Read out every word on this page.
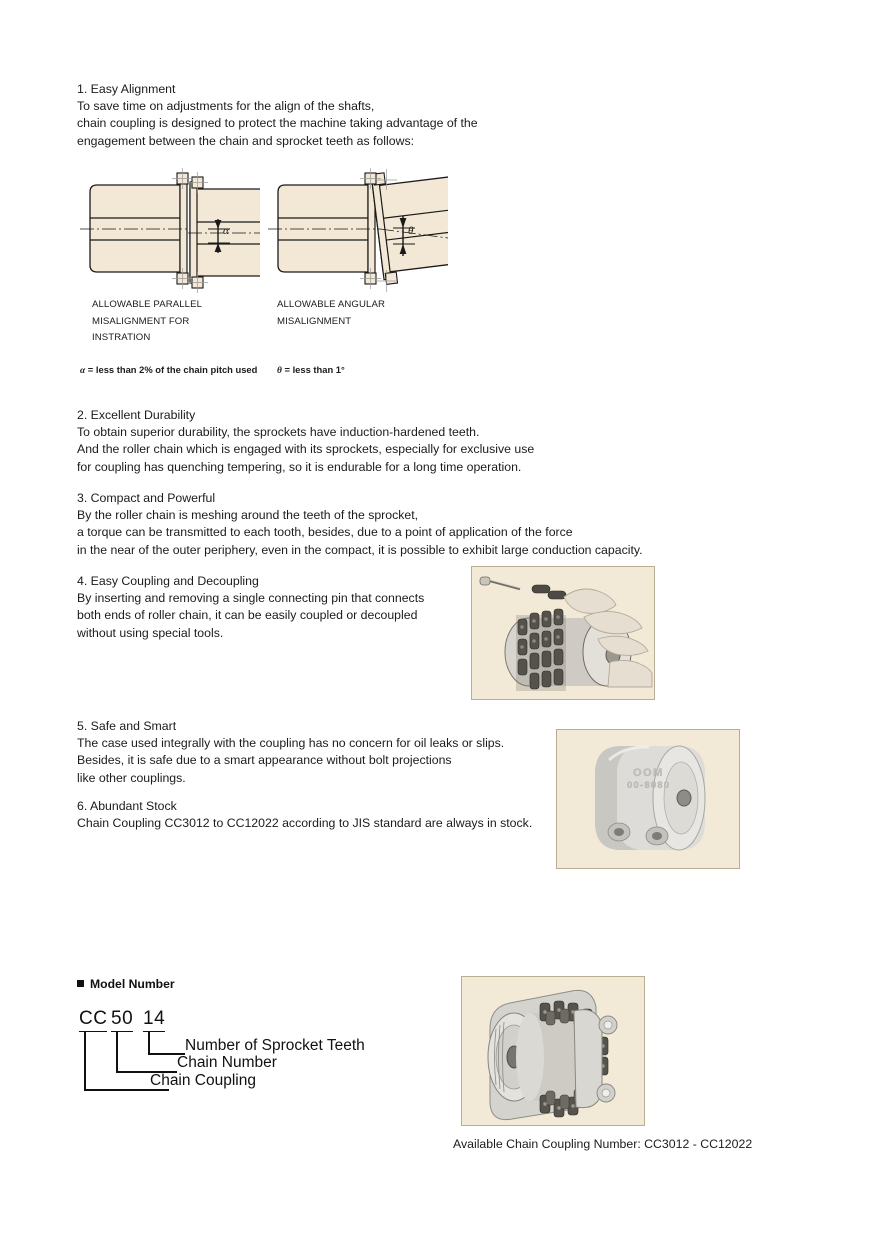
1. Easy Alignment

To save time on adjustments for the align of the shafts,

chain coupling is designed to protect the machine taking advantage of the

engagement between the chain and sprocket teeth as follows:

α	θ
ALLOWABLE PARALLEL
MISALIGNMENT FOR
INSTRATION
ALLOWABLE ANGULAR
MISALIGNMENT
α = less than 2% of the chain pitch used θ = less than 1°

2. Excellent Durability

To obtain superior durability, the sprockets have induction-hardened teeth.

And the roller chain which is engaged with its sprockets, especially for exclusive use

for coupling has quenching tempering, so it is endurable for a long time operation.

3. Compact and Powerful

By the roller chain is meshing around the teeth of the sprocket,

a torque can be transmitted to each tooth, besides, due to a point of application of the force

in the near of the outer periphery, even in the compact, it is possible to exhibit large conduction capacity.

4. Easy Coupling and Decoupling

By inserting and removing a single connecting pin that connects

both ends of roller chain, it can be easily coupled or decoupled

without using special tools.

5. Safe and Smart

The case used integrally with the coupling has no concern for oil leaks or slips.

Besides, it is safe due to a smart appearance without bolt projections

like other couplings.

6. Abundant Stock

Chain Coupling CC3012 to CC12022 according to JIS standard are always in stock.

OOM
00-8080
Model Number
CC 50 14
Number of Sprocket Teeth
Chain Number
Chain Coupling
Available Chain Coupling Number: CC3012 - CC12022
